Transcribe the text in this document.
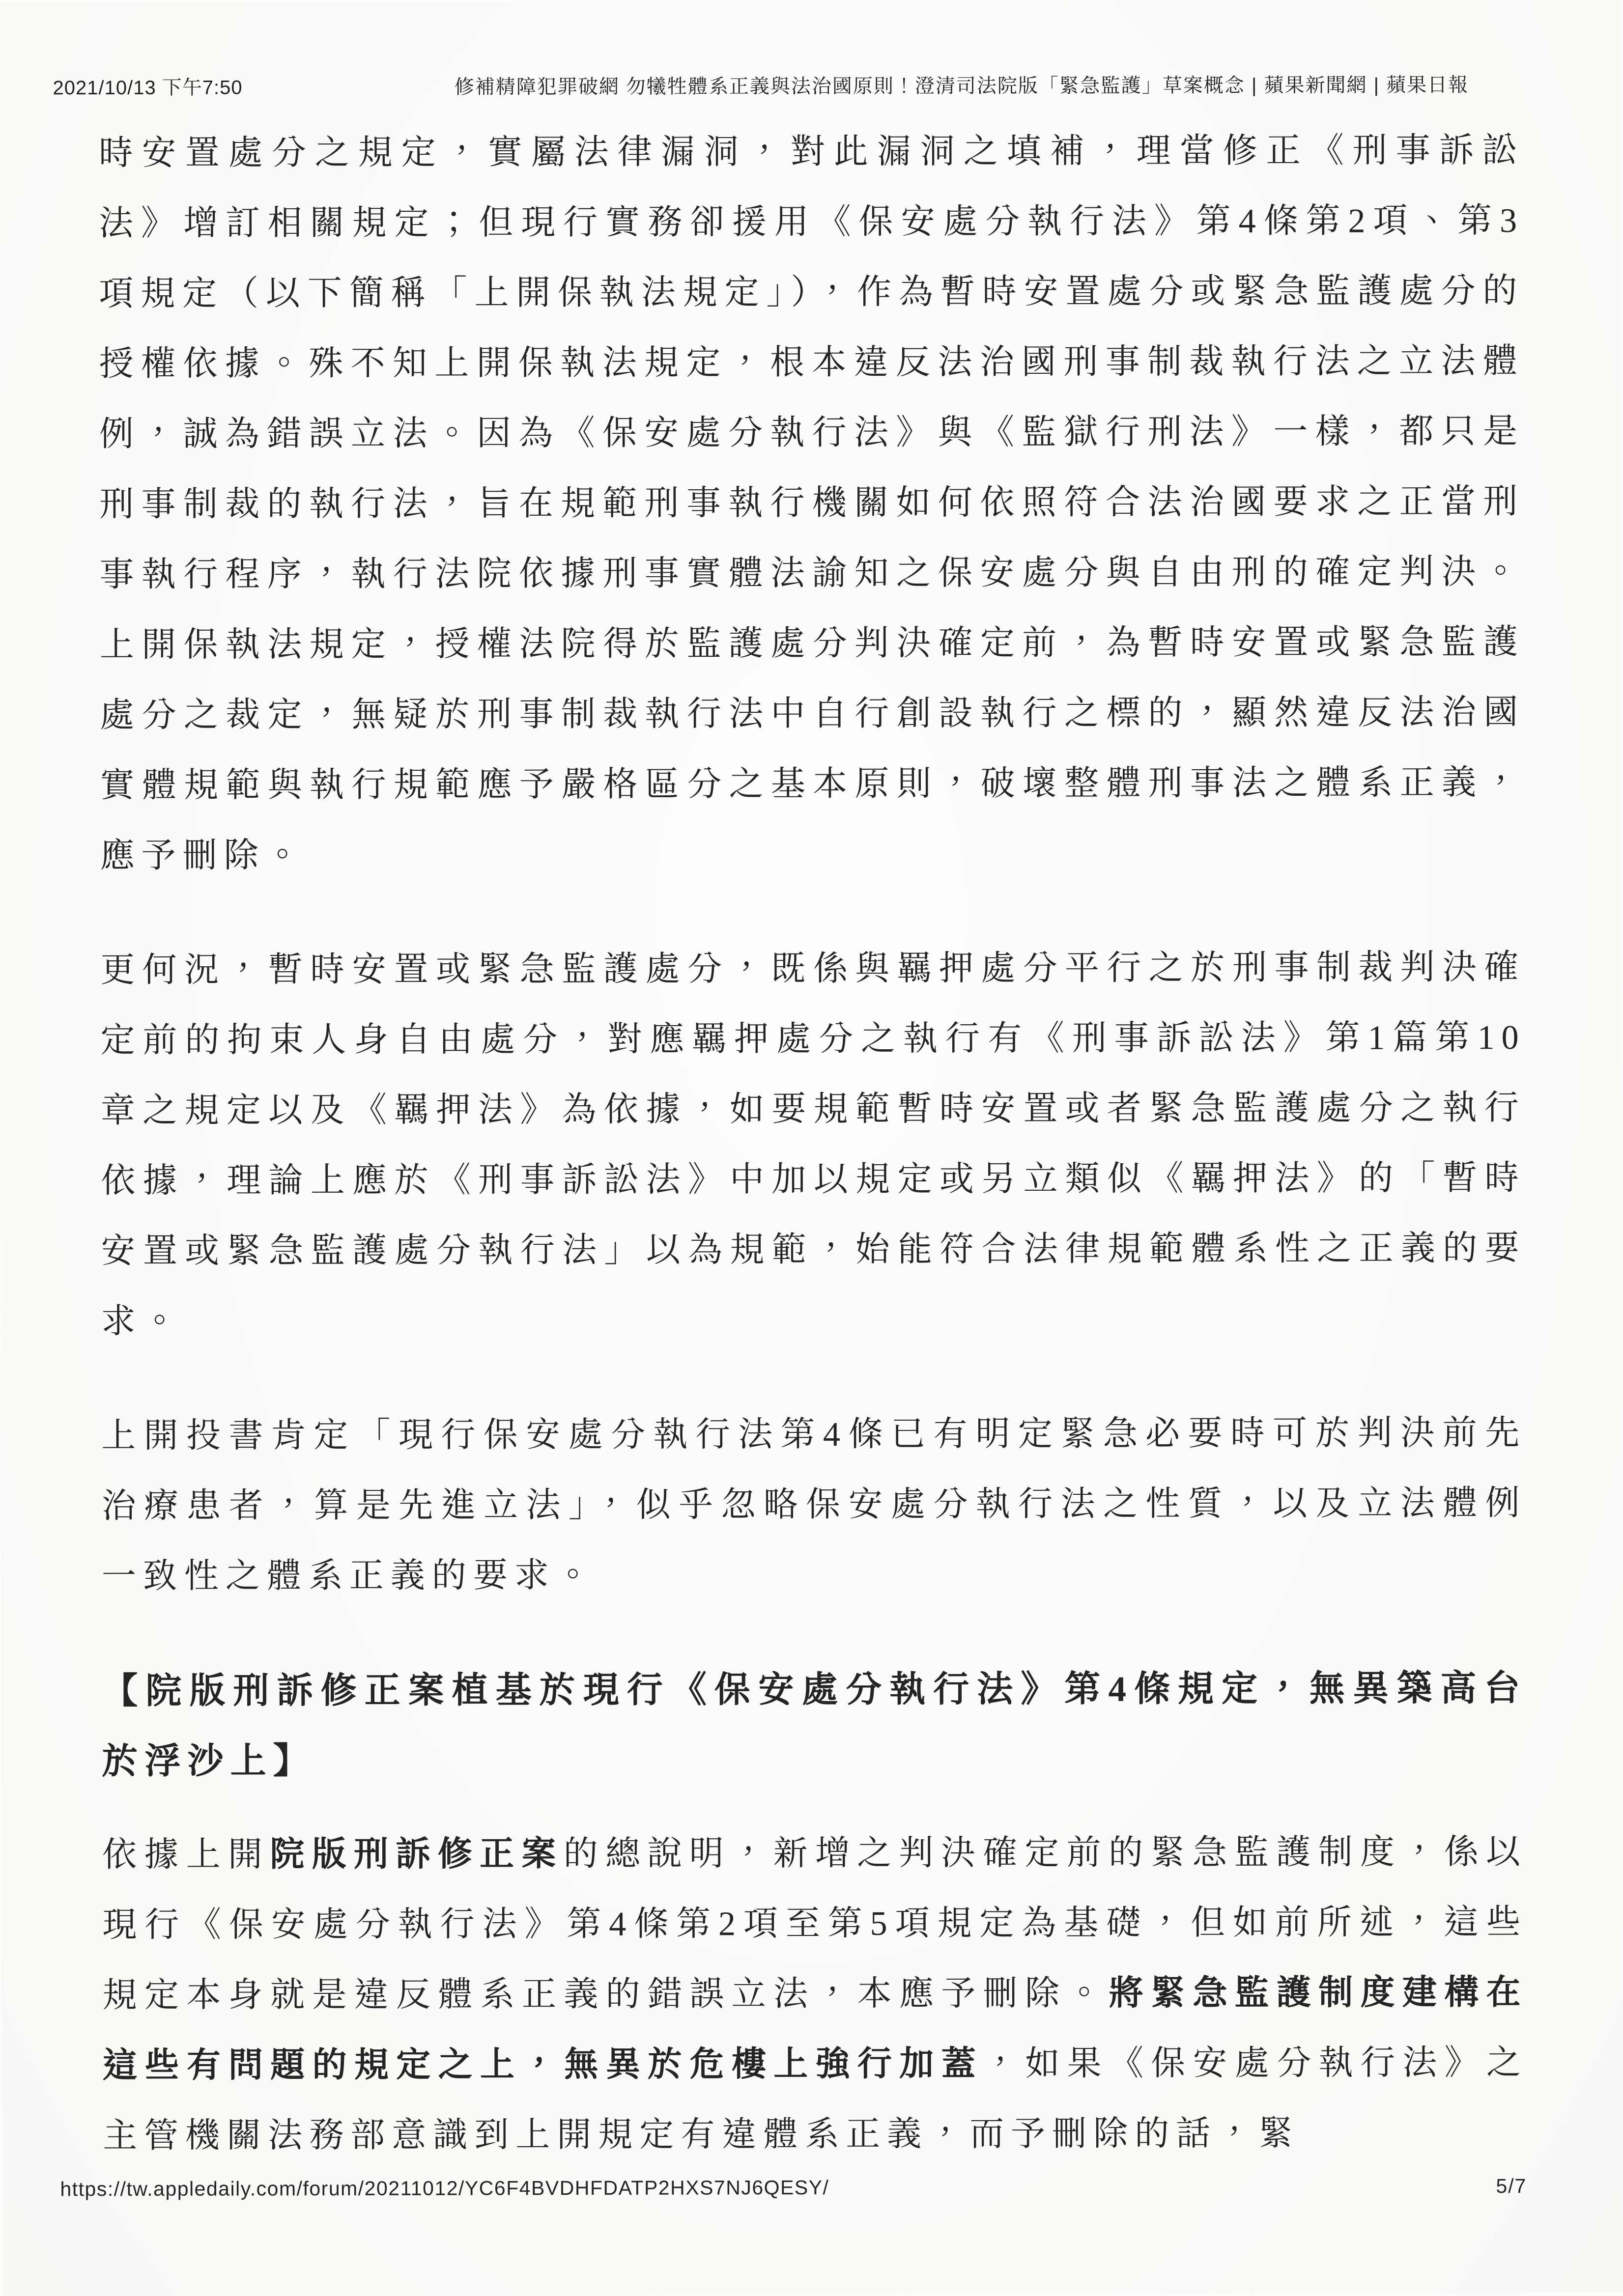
2021/10/13 下午7:50	修補精障犯罪破網 勿犧牲體系正義與法治國原則！澄清司法院版「緊急監護」草案概念 | 蘋果新聞網 | 蘋果日報

時安置處分之規定，實屬法律漏洞，對此漏洞之填補，理當修正《刑事訴訟法》增訂相關規定；但現行實務卻援用《保安處分執行法》第4條第2項、第3項規定（以下簡稱「上開保執法規定」），作為暫時安置處分或緊急監護處分的授權依據。殊不知上開保執法規定，根本違反法治國刑事制裁執行法之立法體例，誠為錯誤立法。因為《保安處分執行法》與《監獄行刑法》一樣，都只是刑事制裁的執行法，旨在規範刑事執行機關如何依照符合法治國要求之正當刑事執行程序，執行法院依據刑事實體法諭知之保安處分與自由刑的確定判決。上開保執法規定，授權法院得於監護處分判決確定前，為暫時安置或緊急監護處分之裁定，無疑於刑事制裁執行法中自行創設執行之標的，顯然違反法治國實體規範與執行規範應予嚴格區分之基本原則，破壞整體刑事法之體系正義，應予刪除。

更何況，暫時安置或緊急監護處分，既係與羈押處分平行之於刑事制裁判決確定前的拘束人身自由處分，對應羈押處分之執行有《刑事訴訟法》第1篇第10章之規定以及《羈押法》為依據，如要規範暫時安置或者緊急監護處分之執行依據，理論上應於《刑事訴訟法》中加以規定或另立類似《羈押法》的「暫時安置或緊急監護處分執行法」以為規範，始能符合法律規範體系性之正義的要求。

上開投書肯定「現行保安處分執行法第4條已有明定緊急必要時可於判決前先治療患者，算是先進立法」，似乎忽略保安處分執行法之性質，以及立法體例一致性之體系正義的要求。

【院版刑訴修正案植基於現行《保安處分執行法》第4條規定，無異築高台於浮沙上】

依據上開院版刑訴修正案的總說明，新增之判決確定前的緊急監護制度，係以現行《保安處分執行法》第4條第2項至第5項規定為基礎，但如前所述，這些規定本身就是違反體系正義的錯誤立法，本應予刪除。將緊急監護制度建構在這些有問題的規定之上，無異於危樓上強行加蓋，如果《保安處分執行法》之主管機關法務部意識到上開規定有違體系正義，而予刪除的話，緊

https://tw.appledaily.com/forum/20211012/YC6F4BVDHFDATP2HXS7NJ6QESY/	5/7
